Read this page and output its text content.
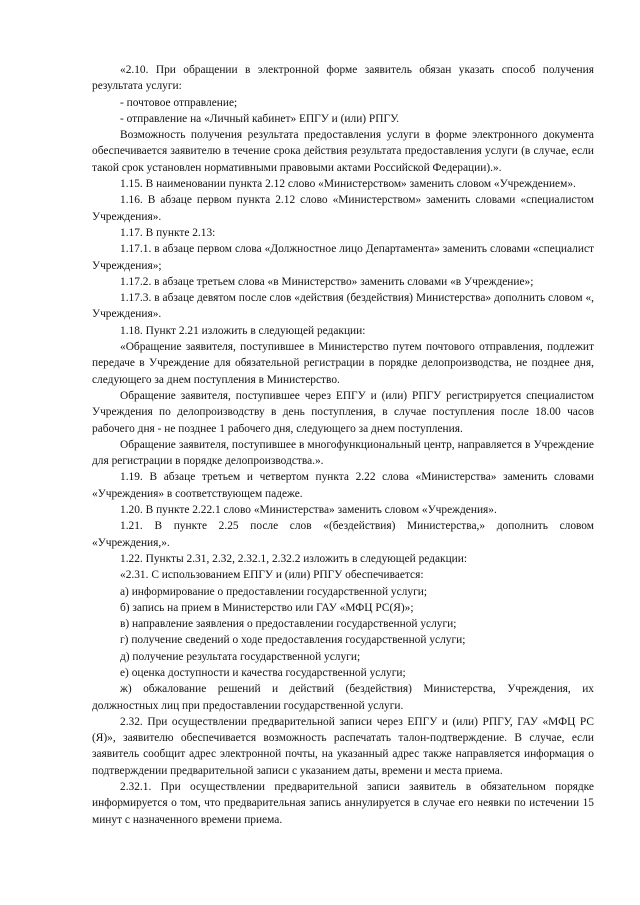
«2.10. При обращении в электронной форме заявитель обязан указать способ получения результата услуги:

- почтовое отправление;

- отправление на «Личный кабинет» ЕПГУ и (или) РПГУ.

Возможность получения результата предоставления услуги в форме электронного документа обеспечивается заявителю в течение срока действия результата предоставления услуги (в случае, если такой срок установлен нормативными правовыми актами Российской Федерации).».

1.15. В наименовании пункта 2.12 слово «Министерством» заменить словом «Учреждением».

1.16. В абзаце первом пункта 2.12 слово «Министерством» заменить словами «специалистом Учреждения».

1.17. В пункте 2.13:

1.17.1. в абзаце первом слова «Должностное лицо Департамента» заменить словами «специалист Учреждения»;

1.17.2. в абзаце третьем слова «в Министерство» заменить словами «в Учреждение»;

1.17.3. в абзаце девятом после слов «действия (бездействия) Министерства» дополнить словом «, Учреждения».

1.18. Пункт 2.21 изложить в следующей редакции:

«Обращение заявителя, поступившее в Министерство путем почтового отправления, подлежит передаче в Учреждение для обязательной регистрации в порядке делопроизводства, не позднее дня, следующего за днем поступления в Министерство.

Обращение заявителя, поступившее через ЕПГУ и (или) РПГУ регистрируется специалистом Учреждения по делопроизводству в день поступления, в случае поступления после 18.00 часов рабочего дня - не позднее 1 рабочего дня, следующего за днем поступления.

Обращение заявителя, поступившее в многофункциональный центр, направляется в Учреждение для регистрации в порядке делопроизводства.».

1.19. В абзаце третьем и четвертом пункта 2.22 слова «Министерства» заменить словами «Учреждения» в соответствующем падеже.

1.20. В пункте 2.22.1 слово «Министерства» заменить словом «Учреждения».

1.21. В пункте 2.25 после слов «(бездействия) Министерства,» дополнить словом «Учреждения,».

1.22. Пункты 2.31, 2.32, 2.32.1, 2.32.2 изложить в следующей редакции:

«2.31. С использованием ЕПГУ и (или) РПГУ обеспечивается:

а) информирование о предоставлении государственной услуги;

б) запись на прием в Министерство или ГАУ «МФЦ РС(Я)»;

в) направление заявления о предоставлении государственной услуги;

г) получение сведений о ходе предоставления государственной услуги;

д) получение результата государственной услуги;

е) оценка доступности и качества государственной услуги;

ж) обжалование решений и действий (бездействия) Министерства, Учреждения, их должностных лиц при предоставлении государственной услуги.

2.32. При осуществлении предварительной записи через ЕПГУ и (или) РПГУ, ГАУ «МФЦ РС (Я)», заявителю обеспечивается возможность распечатать талон-подтверждение. В случае, если заявитель сообщит адрес электронной почты, на указанный адрес также направляется информация о подтверждении предварительной записи с указанием даты, времени и места приема.

2.32.1. При осуществлении предварительной записи заявитель в обязательном порядке информируется о том, что предварительная запись аннулируется в случае его неявки по истечении 15 минут с назначенного времени приема.
